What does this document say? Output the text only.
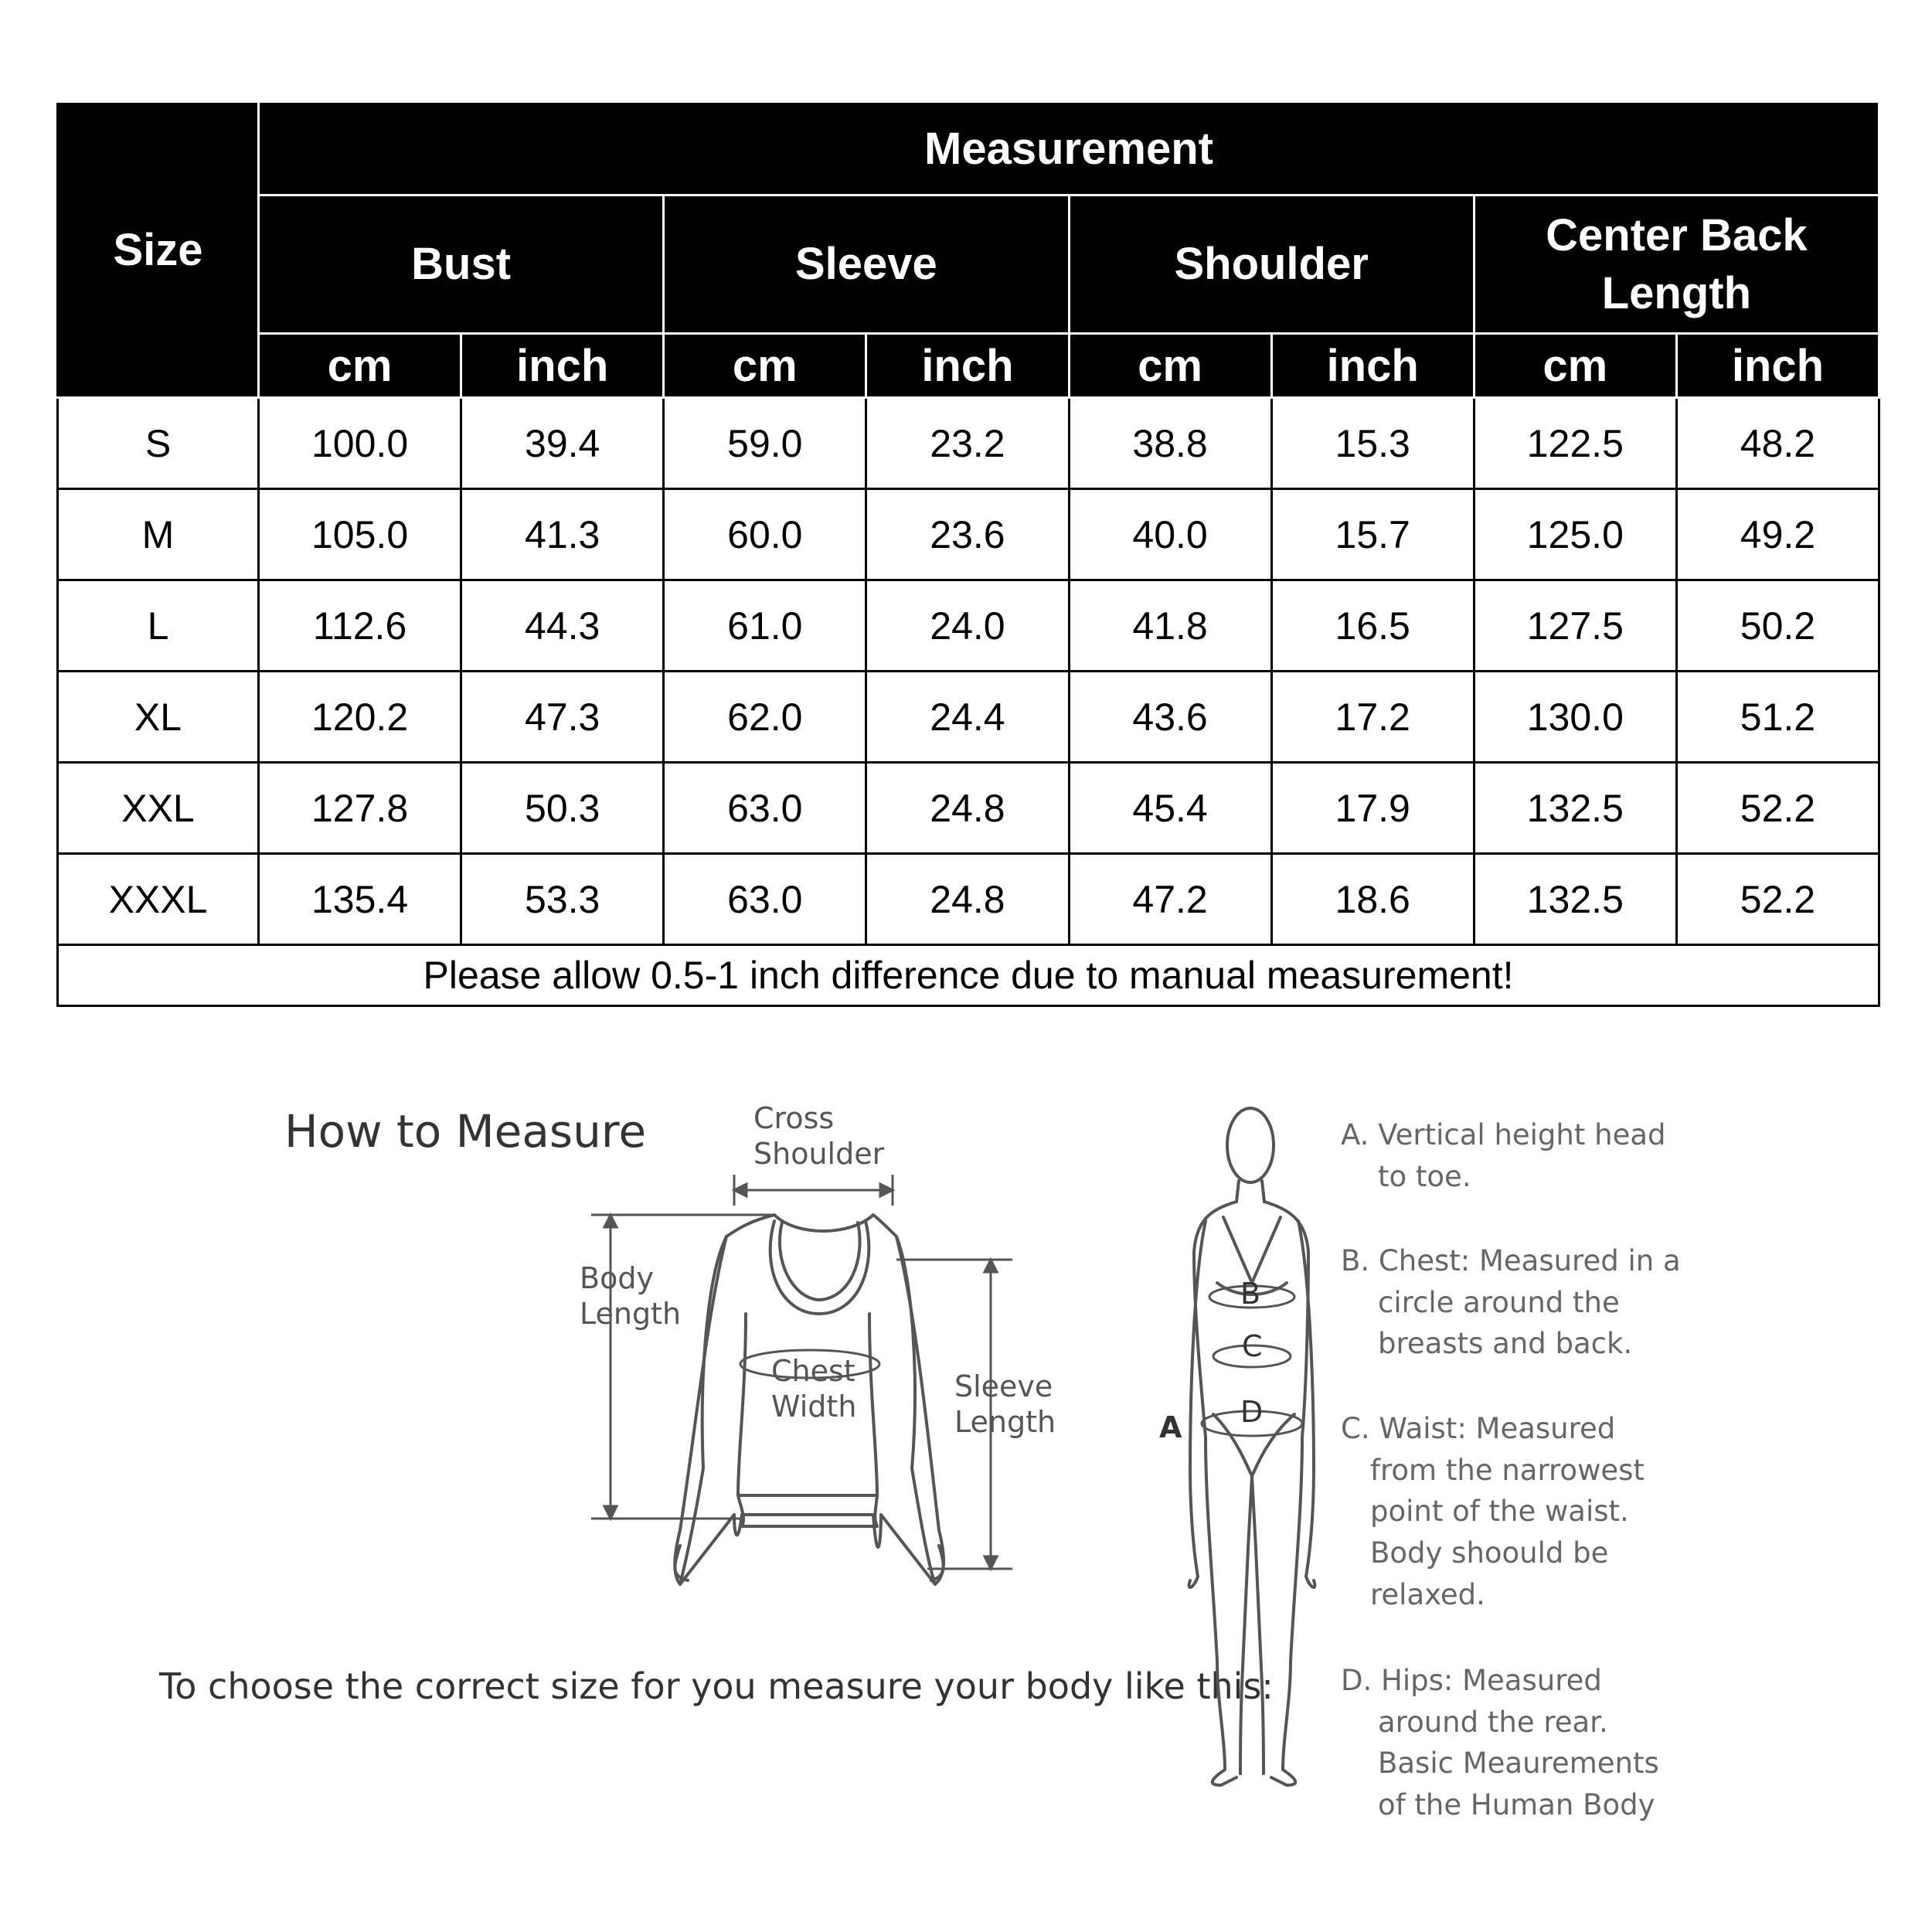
Size	Measurement							
	Bust		Sleeve		Shoulder		Center Back Length	
	cm	inch	cm	inch	cm	inch	cm	inch
S	100.0	39.4	59.0	23.2	38.8	15.3	122.5	48.2
M	105.0	41.3	60.0	23.6	40.0	15.7	125.0	49.2
L	112.6	44.3	61.0	24.0	41.8	16.5	127.5	50.2
XL	120.2	47.3	62.0	24.4	43.6	17.2	130.0	51.2
XXL	127.8	50.3	63.0	24.8	45.4	17.9	132.5	52.2
XXXL	135.4	53.3	63.0	24.8	47.2	18.6	132.5	52.2
Please allow 0.5-1 inch difference due to manual measurement!								
How to Measure	Cross
Shoulder
Body
Length
Chest
Width
Sleeve
Length
To choose the correct size for you measure your body like this:
B
C
D
A
A. Vertical height head
to toe.
B. Chest: Measured in a
circle around the
breasts and back.
C. Waist: Measured
from the narrowest
point of the waist.
Body shoould be
relaxed.
D. Hips: Measured
around the rear.
Basic Meaurements
of the Human Body
